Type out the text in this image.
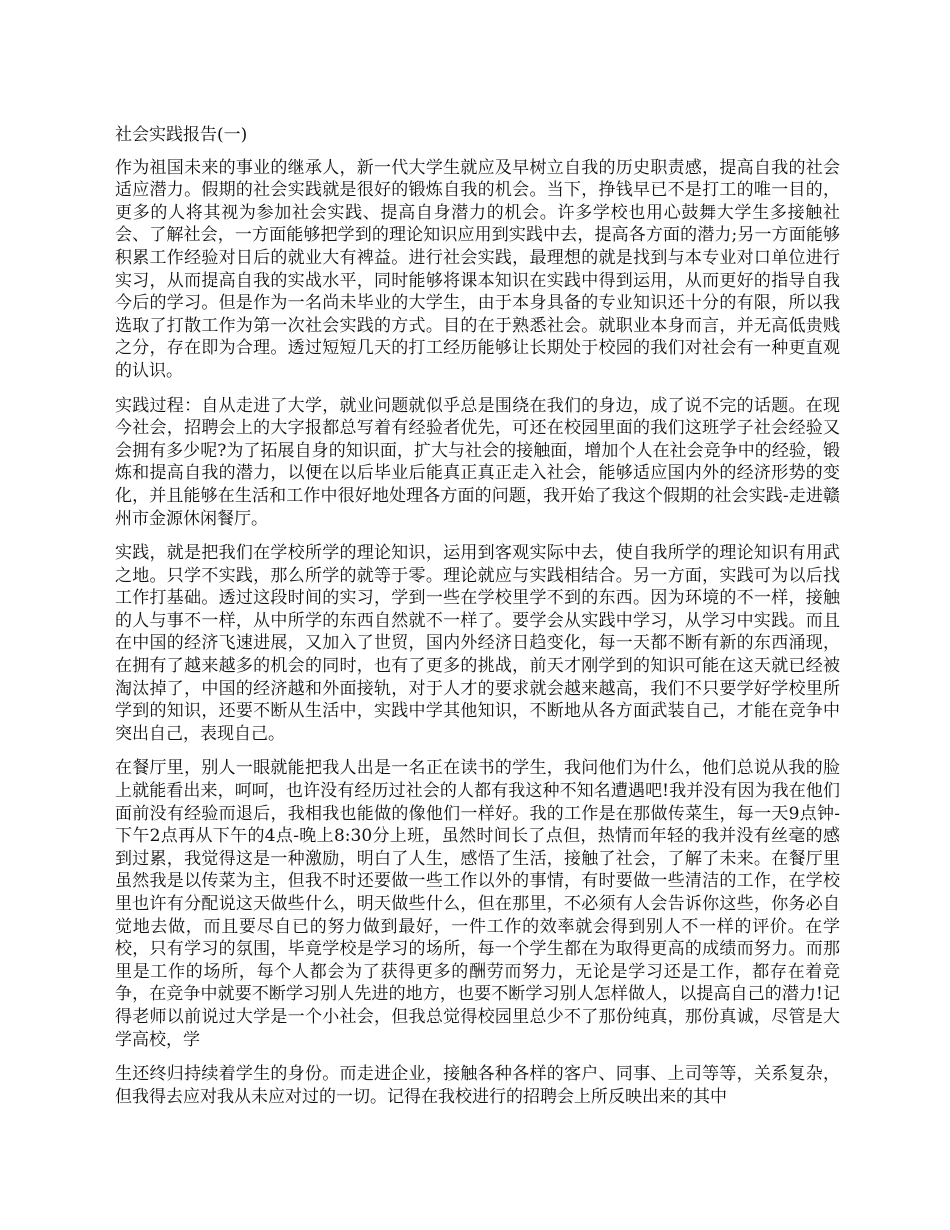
社会实践报告(一)

作为祖国未来的事业的继承人，新一代大学生就应及早树立自我的历史职责感，提高自我的社会适应潜力。假期的社会实践就是很好的锻炼自我的机会。当下，挣钱早已不是打工的唯一目的，更多的人将其视为参加社会实践、提高自身潜力的机会。许多学校也用心鼓舞大学生多接触社会、了解社会，一方面能够把学到的理论知识应用到实践中去，提高各方面的潜力;另一方面能够积累工作经验对日后的就业大有裨益。进行社会实践，最理想的就是找到与本专业对口单位进行实习，从而提高自我的实战水平，同时能够将课本知识在实践中得到运用，从而更好的指导自我今后的学习。但是作为一名尚未毕业的大学生，由于本身具备的专业知识还十分的有限，所以我选取了打散工作为第一次社会实践的方式。目的在于熟悉社会。就职业本身而言，并无高低贵贱之分，存在即为合理。透过短短几天的打工经历能够让长期处于校园的我们对社会有一种更直观的认识。

实践过程：自从走进了大学，就业问题就似乎总是围绕在我们的身边，成了说不完的话题。在现今社会，招聘会上的大字报都总写着有经验者优先，可还在校园里面的我们这班学子社会经验又会拥有多少呢?为了拓展自身的知识面，扩大与社会的接触面，增加个人在社会竞争中的经验，锻炼和提高自我的潜力，以便在以后毕业后能真正真正走入社会，能够适应国内外的经济形势的变化，并且能够在生活和工作中很好地处理各方面的问题，我开始了我这个假期的社会实践-走进赣州市金源休闲餐厅。

实践，就是把我们在学校所学的理论知识，运用到客观实际中去，使自我所学的理论知识有用武之地。只学不实践，那么所学的就等于零。理论就应与实践相结合。另一方面，实践可为以后找工作打基础。透过这段时间的实习，学到一些在学校里学不到的东西。因为环境的不一样，接触的人与事不一样，从中所学的东西自然就不一样了。要学会从实践中学习，从学习中实践。而且在中国的经济飞速进展，又加入了世贸，国内外经济日趋变化，每一天都不断有新的东西涌现，在拥有了越来越多的机会的同时，也有了更多的挑战，前天才刚学到的知识可能在这天就已经被淘汰掉了，中国的经济越和外面接轨，对于人才的要求就会越来越高，我们不只要学好学校里所学到的知识，还要不断从生活中，实践中学其他知识，不断地从各方面武装自己，才能在竞争中突出自己，表现自己。

在餐厅里，别人一眼就能把我人出是一名正在读书的学生，我问他们为什么，他们总说从我的脸上就能看出来，呵呵，也许没有经历过社会的人都有我这种不知名遭遇吧!我并没有因为我在他们面前没有经验而退后，我相我也能做的像他们一样好。我的工作是在那做传菜生，每一天9点钟-下午2点再从下午的4点-晚上8:30分上班，虽然时间长了点但，热情而年轻的我并没有丝毫的感到过累，我觉得这是一种激励，明白了人生，感悟了生活，接触了社会，了解了未来。在餐厅里虽然我是以传菜为主，但我不时还要做一些工作以外的事情，有时要做一些清洁的工作，在学校里也许有分配说这天做些什么，明天做些什么，但在那里，不必须有人会告诉你这些，你务必自觉地去做，而且要尽自已的努力做到最好，一件工作的效率就会得到别人不一样的评价。在学校，只有学习的氛围，毕竟学校是学习的场所，每一个学生都在为取得更高的成绩而努力。而那里是工作的场所，每个人都会为了获得更多的酬劳而努力，无论是学习还是工作，都存在着竞争，在竞争中就要不断学习别人先进的地方，也要不断学习别人怎样做人，以提高自己的潜力!记得老师以前说过大学是一个小社会，但我总觉得校园里总少不了那份纯真，那份真诚，尽管是大学高校，学

生还终归持续着学生的身份。而走进企业，接触各种各样的客户、同事、上司等等，关系复杂，但我得去应对我从未应对过的一切。记得在我校进行的招聘会上所反映出来的其中
